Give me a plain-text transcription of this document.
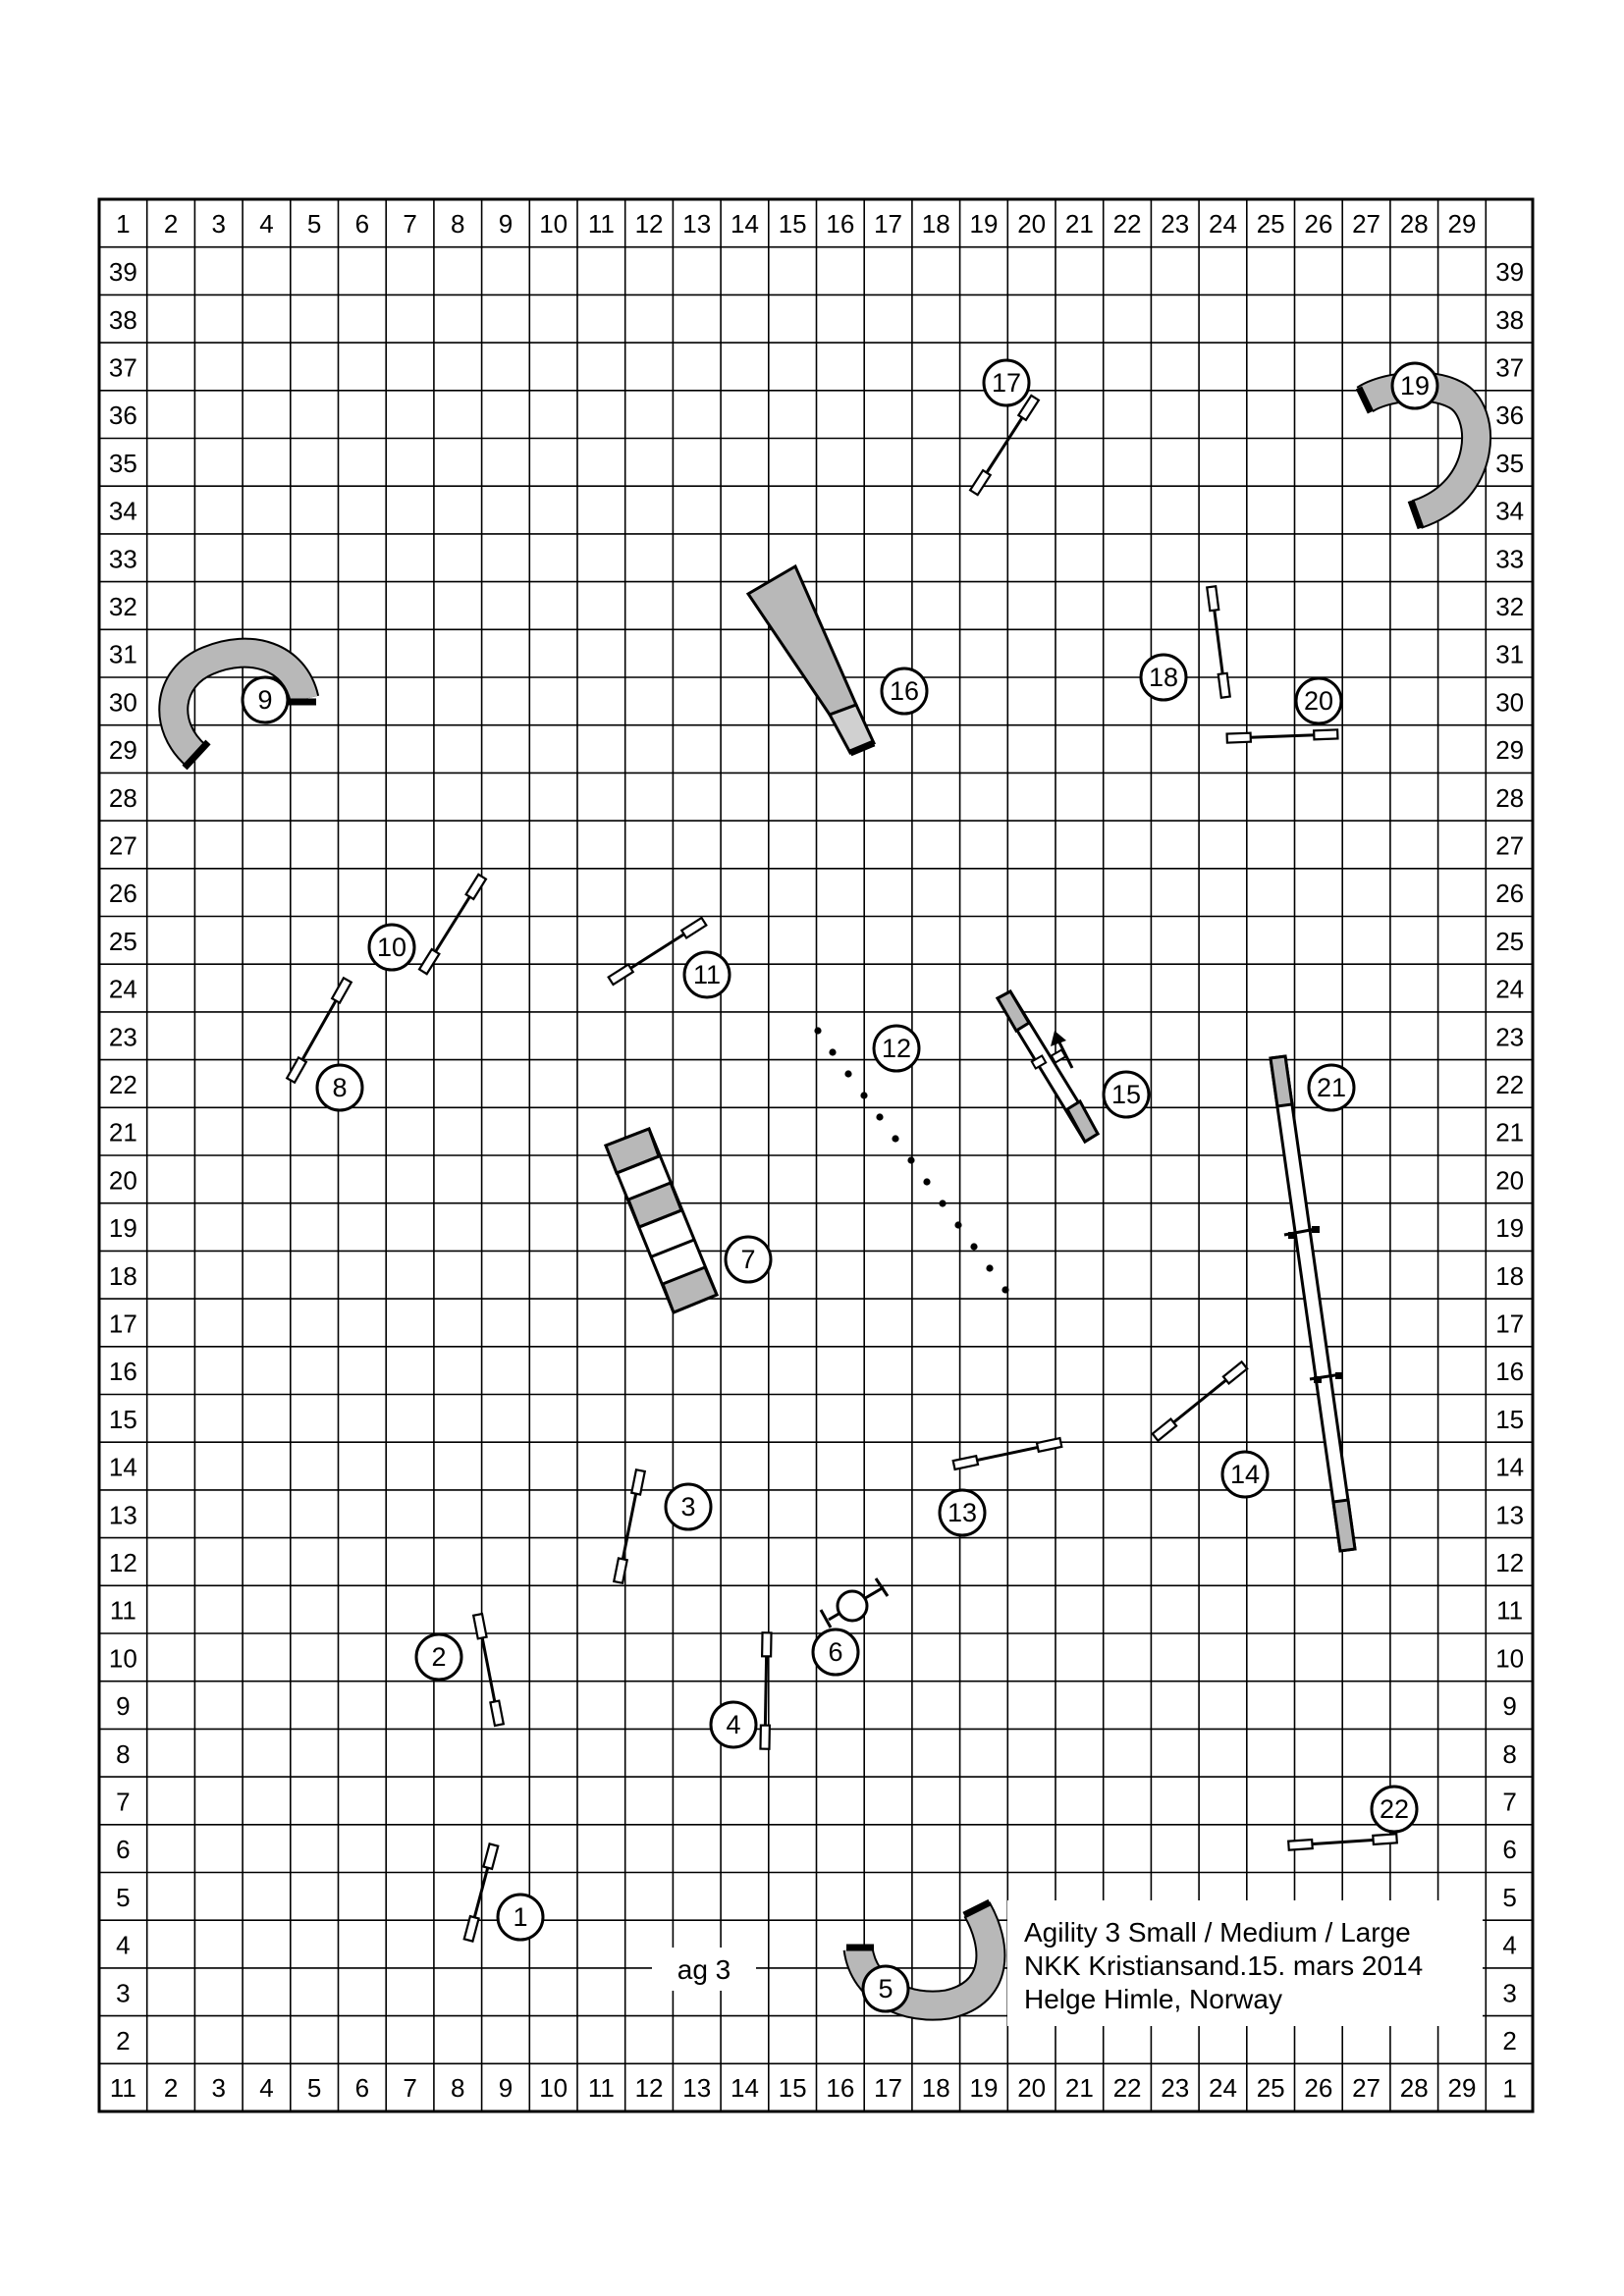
1 2 3 4 5 6 7 8 9 10 11 12 13 14 15 16 17 18 19 20 21 22 23 24 25 26 27 28 29
11 2 3 4 5 6 7 8 9 10 11 12 13 14 15 16 17 18 19 20 21 22 23 24 25 26 27 28 29
39
38
37
36
35
34
33
32
31
30
29
28
27
26
25
24
23
22
21
20
19
18
17
16
15
14
13
12
11
10
9
8
7
6
5
4
3
2
39
38
37
36
35
34
33
32
31
30
29
28
27
26
25
24
23
22
21
20
19
18
17
16
15
14
13
12
11
10
9
8
7
6
5
4
3
2
1
Agility 3 Small / Medium / Large
NKK Kristiansand.15. mars 2014
Helge Himle, Norway
ag 3
1
2
3
4
5
6
7
8
9
10
11
12
13
14
15
16
17
18
19
20
21
22
